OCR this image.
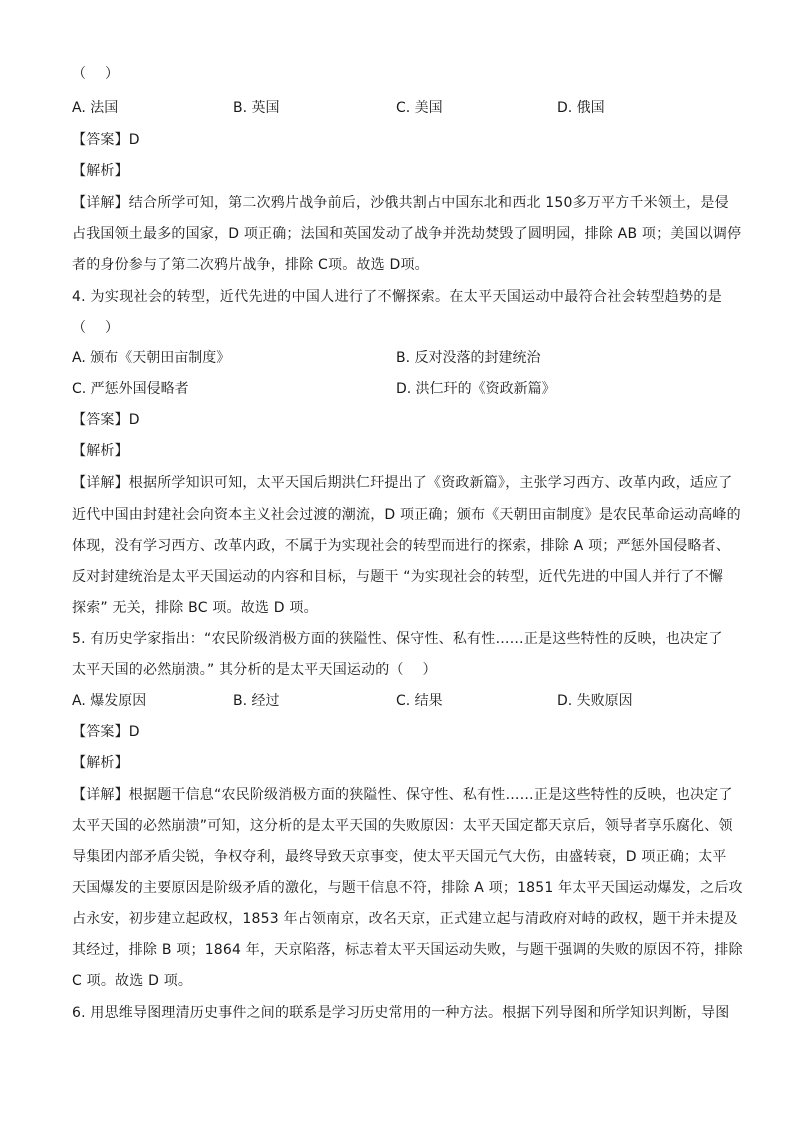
（　 ）
A. 法国	B. 英国	C. 美国	D. 俄国
【答案】D
【解析】
【详解】结合所学可知，第二次鸦片战争前后，沙俄共割占中国东北和西北 150多万平方千米领土，是侵
占我国领土最多的国家，D 项正确；法国和英国发动了战争并洗劫焚毁了圆明园，排除 AB 项；美国以调停
者的身份参与了第二次鸦片战争，排除 C项。故选 D项。
4. 为实现社会的转型，近代先进的中国人进行了不懈探索。在太平天国运动中最符合社会转型趋势的是
（　 ）
A. 颁布《天朝田亩制度》	B. 反对没落的封建统治
C. 严惩外国侵略者	D. 洪仁玕的《资政新篇》
【答案】D
【解析】
【详解】根据所学知识可知，太平天国后期洪仁玕提出了《资政新篇》，主张学习西方、改革内政，适应了
近代中国由封建社会向资本主义社会过渡的潮流，D 项正确；颁布《天朝田亩制度》是农民革命运动高峰的
体现，没有学习西方、改革内政，不属于为实现社会的转型而进行的探索，排除 A 项；严惩外国侵略者、
反对封建统治是太平天国运动的内容和目标，与题干 “为实现社会的转型，近代先进的中国人并行了不懈
探索” 无关，排除 BC 项。故选 D 项。
5. 有历史学家指出：“农民阶级消极方面的狭隘性、保守性、私有性……正是这些特性的反映，也决定了
太平天国的必然崩溃。” 其分析的是太平天国运动的（　 ）
A. 爆发原因	B. 经过	C. 结果	D. 失败原因
【答案】D
【解析】
【详解】根据题干信息“农民阶级消极方面的狭隘性、保守性、私有性……正是这些特性的反映，也决定了
太平天国的必然崩溃”可知，这分析的是太平天国的失败原因：太平天国定都天京后，领导者享乐腐化、领
导集团内部矛盾尖锐，争权夺利，最终导致天京事变，使太平天国元气大伤，由盛转衰，D 项正确；太平
天国爆发的主要原因是阶级矛盾的激化，与题干信息不符，排除 A 项；1851 年太平天国运动爆发，之后攻
占永安，初步建立起政权，1853 年占领南京，改名天京，正式建立起与清政府对峙的政权，题干并未提及
其经过，排除 B 项；1864 年，天京陷落，标志着太平天国运动失败，与题干强调的失败的原因不符，排除
C 项。故选 D 项。
6. 用思维导图理清历史事件之间的联系是学习历史常用的一种方法。根据下列导图和所学知识判断，导图
